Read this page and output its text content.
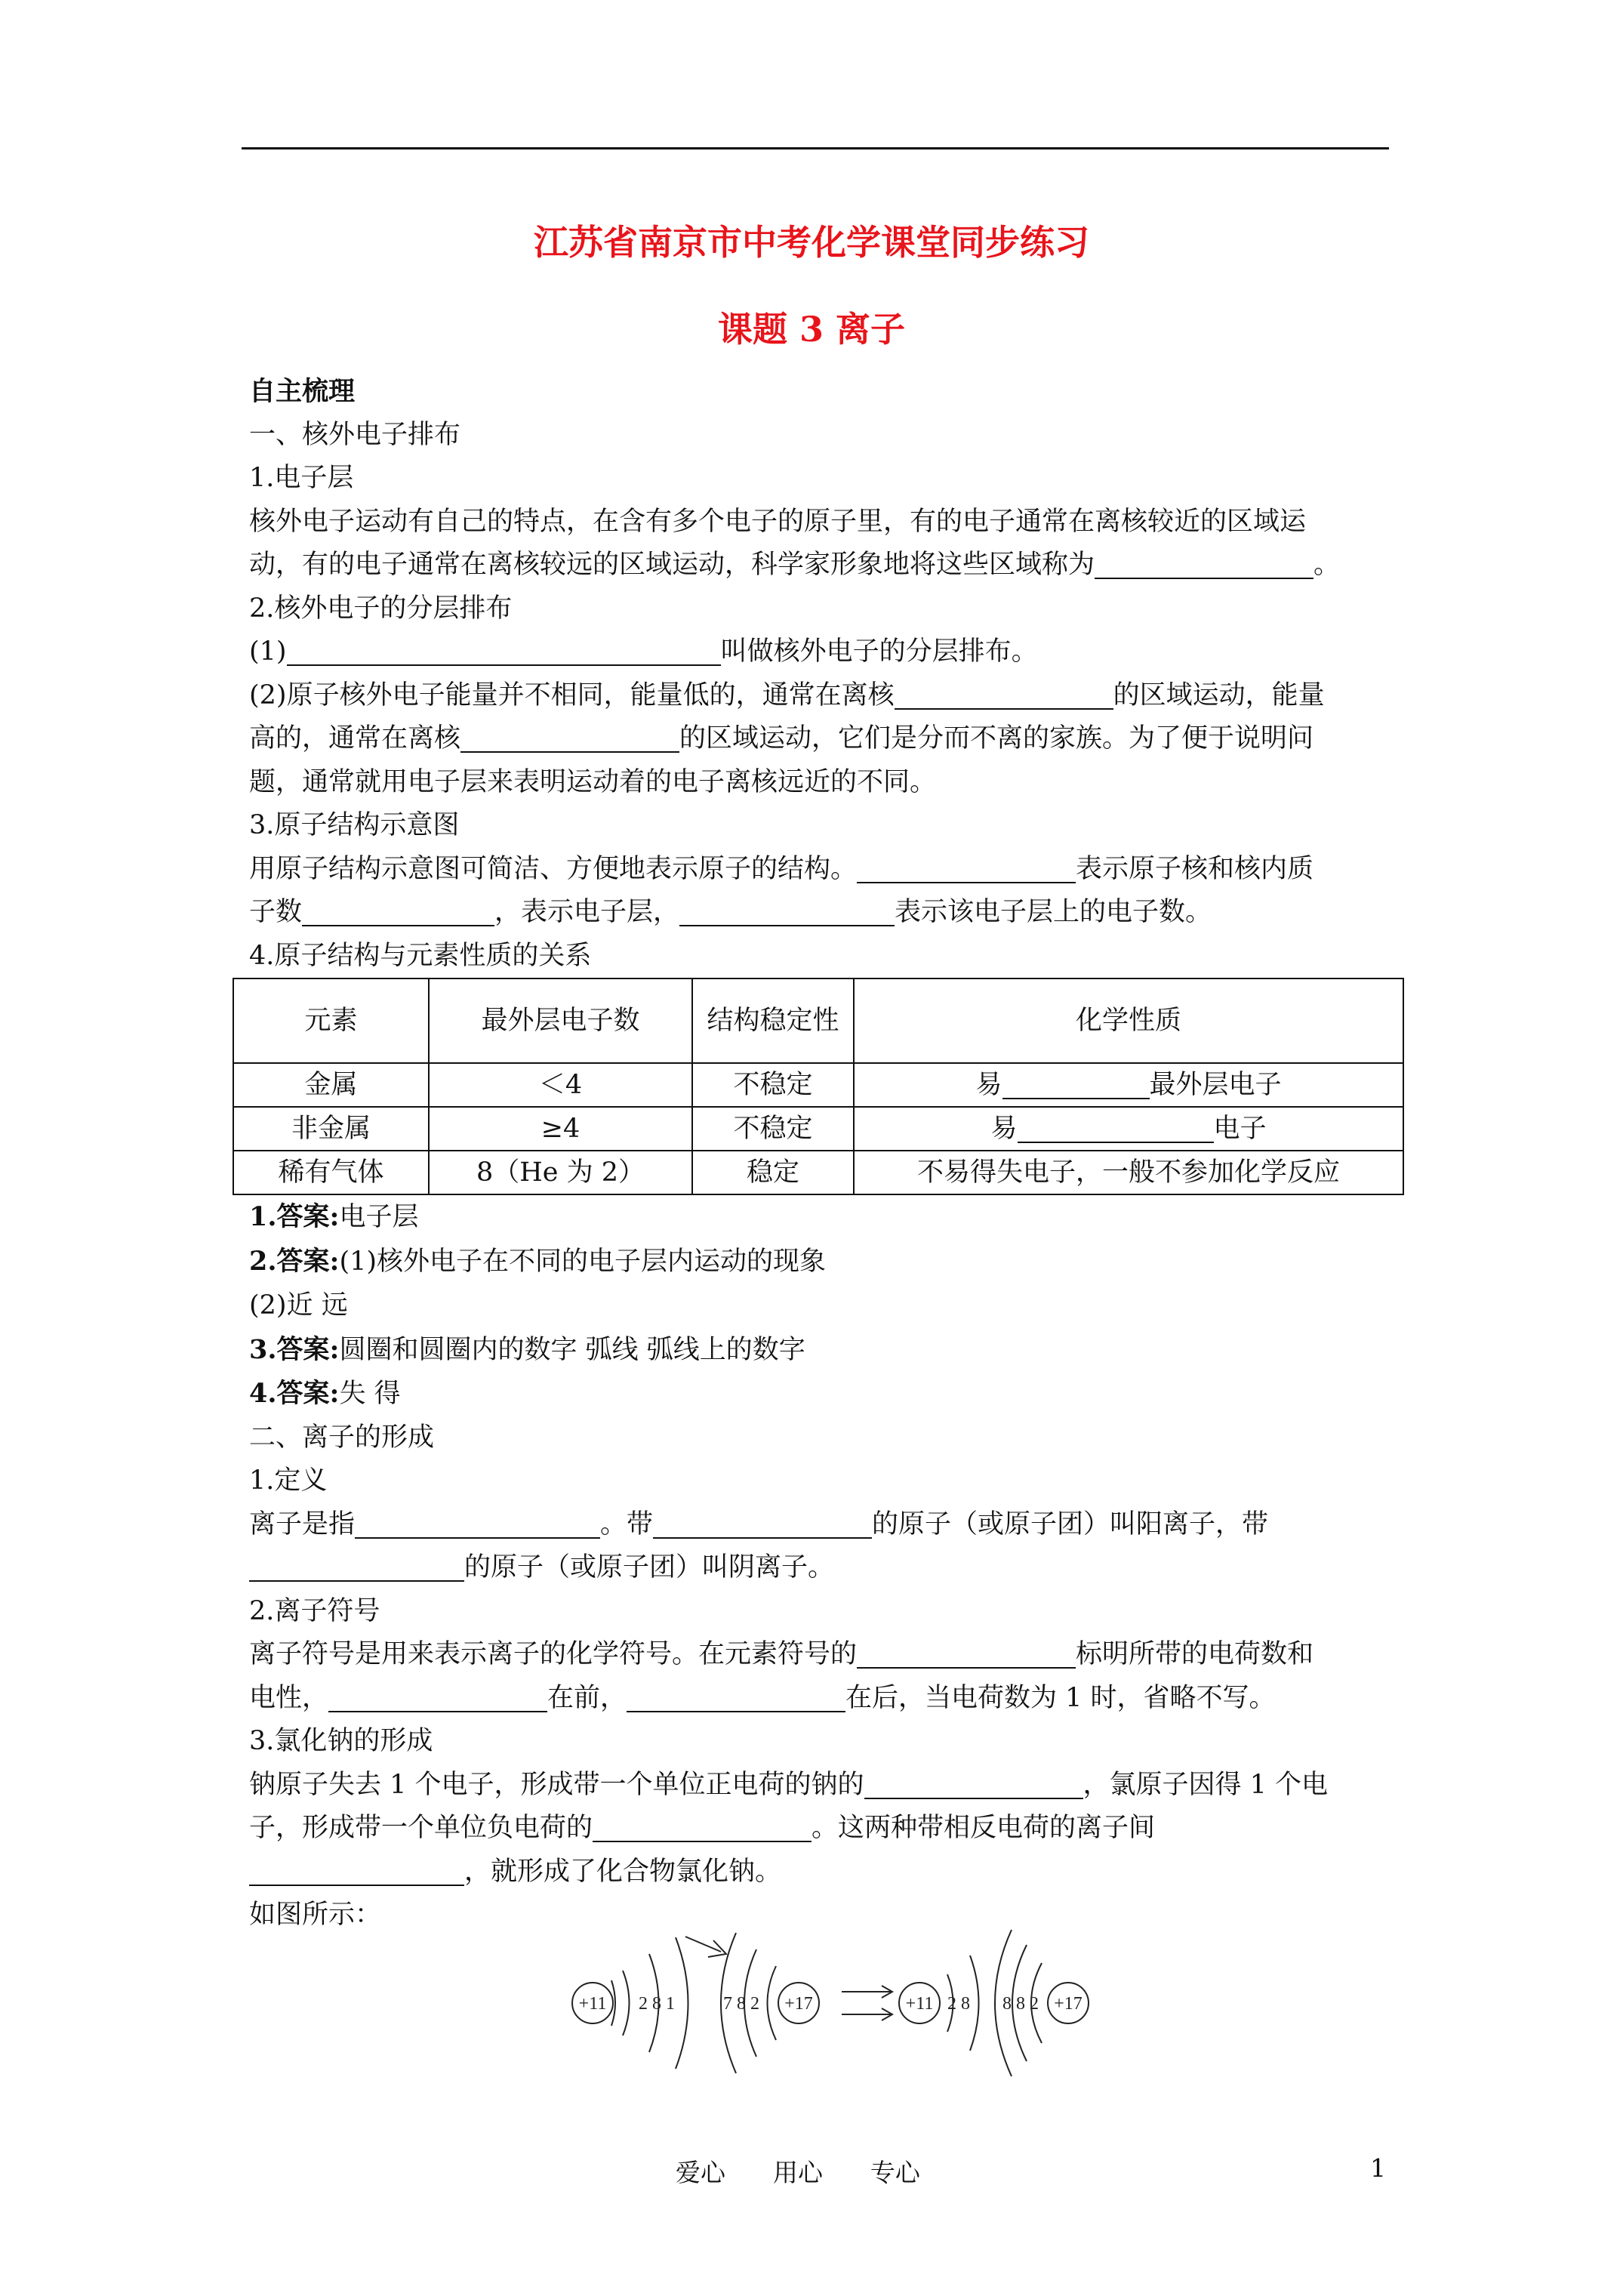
江苏省南京市中考化学课堂同步练习
课题 3 离子

自主梳理

一、核外电子排布

1.电子层

核外电子运动有自己的特点，在含有多个电子的原子里，有的电子通常在离核较近的区域运

动，有的电子通常在离核较远的区域运动，科学家形象地将这些区域称为	。

2.核外电子的分层排布

(1)	叫做核外电子的分层排布。

(2)原子核外电子能量并不相同，能量低的，通常在离核	的区域运动，能量

高的，通常在离核	的区域运动，它们是分而不离的家族。为了便于说明问

题，通常就用电子层来表明运动着的电子离核远近的不同。

3.原子结构示意图

用原子结构示意图可简洁、方便地表示原子的结构。	表示原子核和核内质

子数	，表示电子层，	表示该电子层上的电子数。

4.原子结构与元素性质的关系

元素	最外层电子数	结构稳定性	化学性质
金属	＜4	不稳定	易 最外层电子
非金属	≥4	不稳定	易 电子
稀有气体	8（He 为 2）	稳定	不易得失电子，一般不参加化学反应

1.答案:电子层

2.答案:(1)核外电子在不同的电子层内运动的现象

(2)近 远

3.答案:圆圈和圆圈内的数字 弧线 弧线上的数字

4.答案:失 得

二、离子的形成

1.定义

离子是指	。带	的原子（或原子团）叫阳离子，带

的原子（或原子团）叫阴离子。

2.离子符号

离子符号是用来表示离子的化学符号。在元素符号的	标明所带的电荷数和

电性，	在前，	在后，当电荷数为 1 时，省略不写。

3.氯化钠的形成

钠原子失去 1 个电子，形成带一个单位正电荷的钠的	，氯原子因得 1 个电

子，形成带一个单位负电荷的	。这两种带相反电荷的离子间

，就形成了化合物氯化钠。

如图所示：

+11 2 8 1	+17
7 8 2	+11 2 8	+17
8 8 2
爱心      用心      专心	1
